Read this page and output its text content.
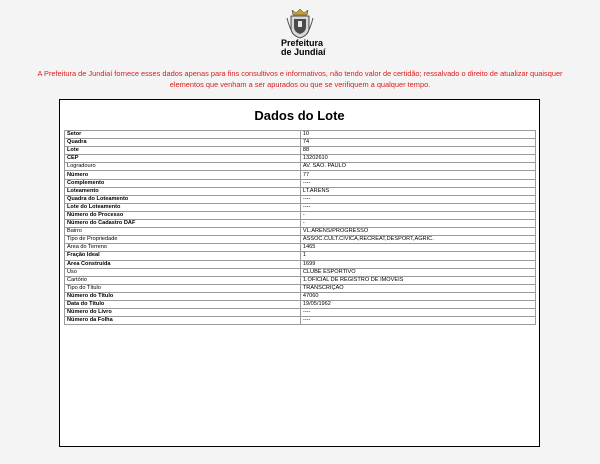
Prefeitura
de Jundiaí

A Prefeitura de Jundiaí fornece esses dados apenas para fins consultivos e informativos, não tendo valor de certidão; ressalvado o direito de atualizar quaisquer
elementos que venham a ser apurados ou que se verifiquem a qualquer tempo.

Dados do Lote
Setor	10
Quadra	74
Lote	88
CEP	13202610
Logradouro	AV. SAO. PAULO
Número	77
Complemento	----
Loteamento	LT.ARENS
Quadra do Loteamento	----
Lote do Loteamento	----
Número do Processo	-
Número do Cadastro DAF	-
Bairro	VL.ARENS/PROGRESSO
Tipo de Propriedade	ASSOC.CULT.CIVICA,RECREAT,DESPORT,AGRIC.
Área do Terreno	1465
Fração Ideal	1
Área Construída	1699
Uso	CLUBE ESPORTIVO
Cartório	1.OFICIAL DE REGISTRO DE IMOVEIS
Tipo do Título	TRANSCRIÇÃO
Número do Título	47060
Data do Título	19/05/1962
Número do Livro	----
Número da Folha	----
